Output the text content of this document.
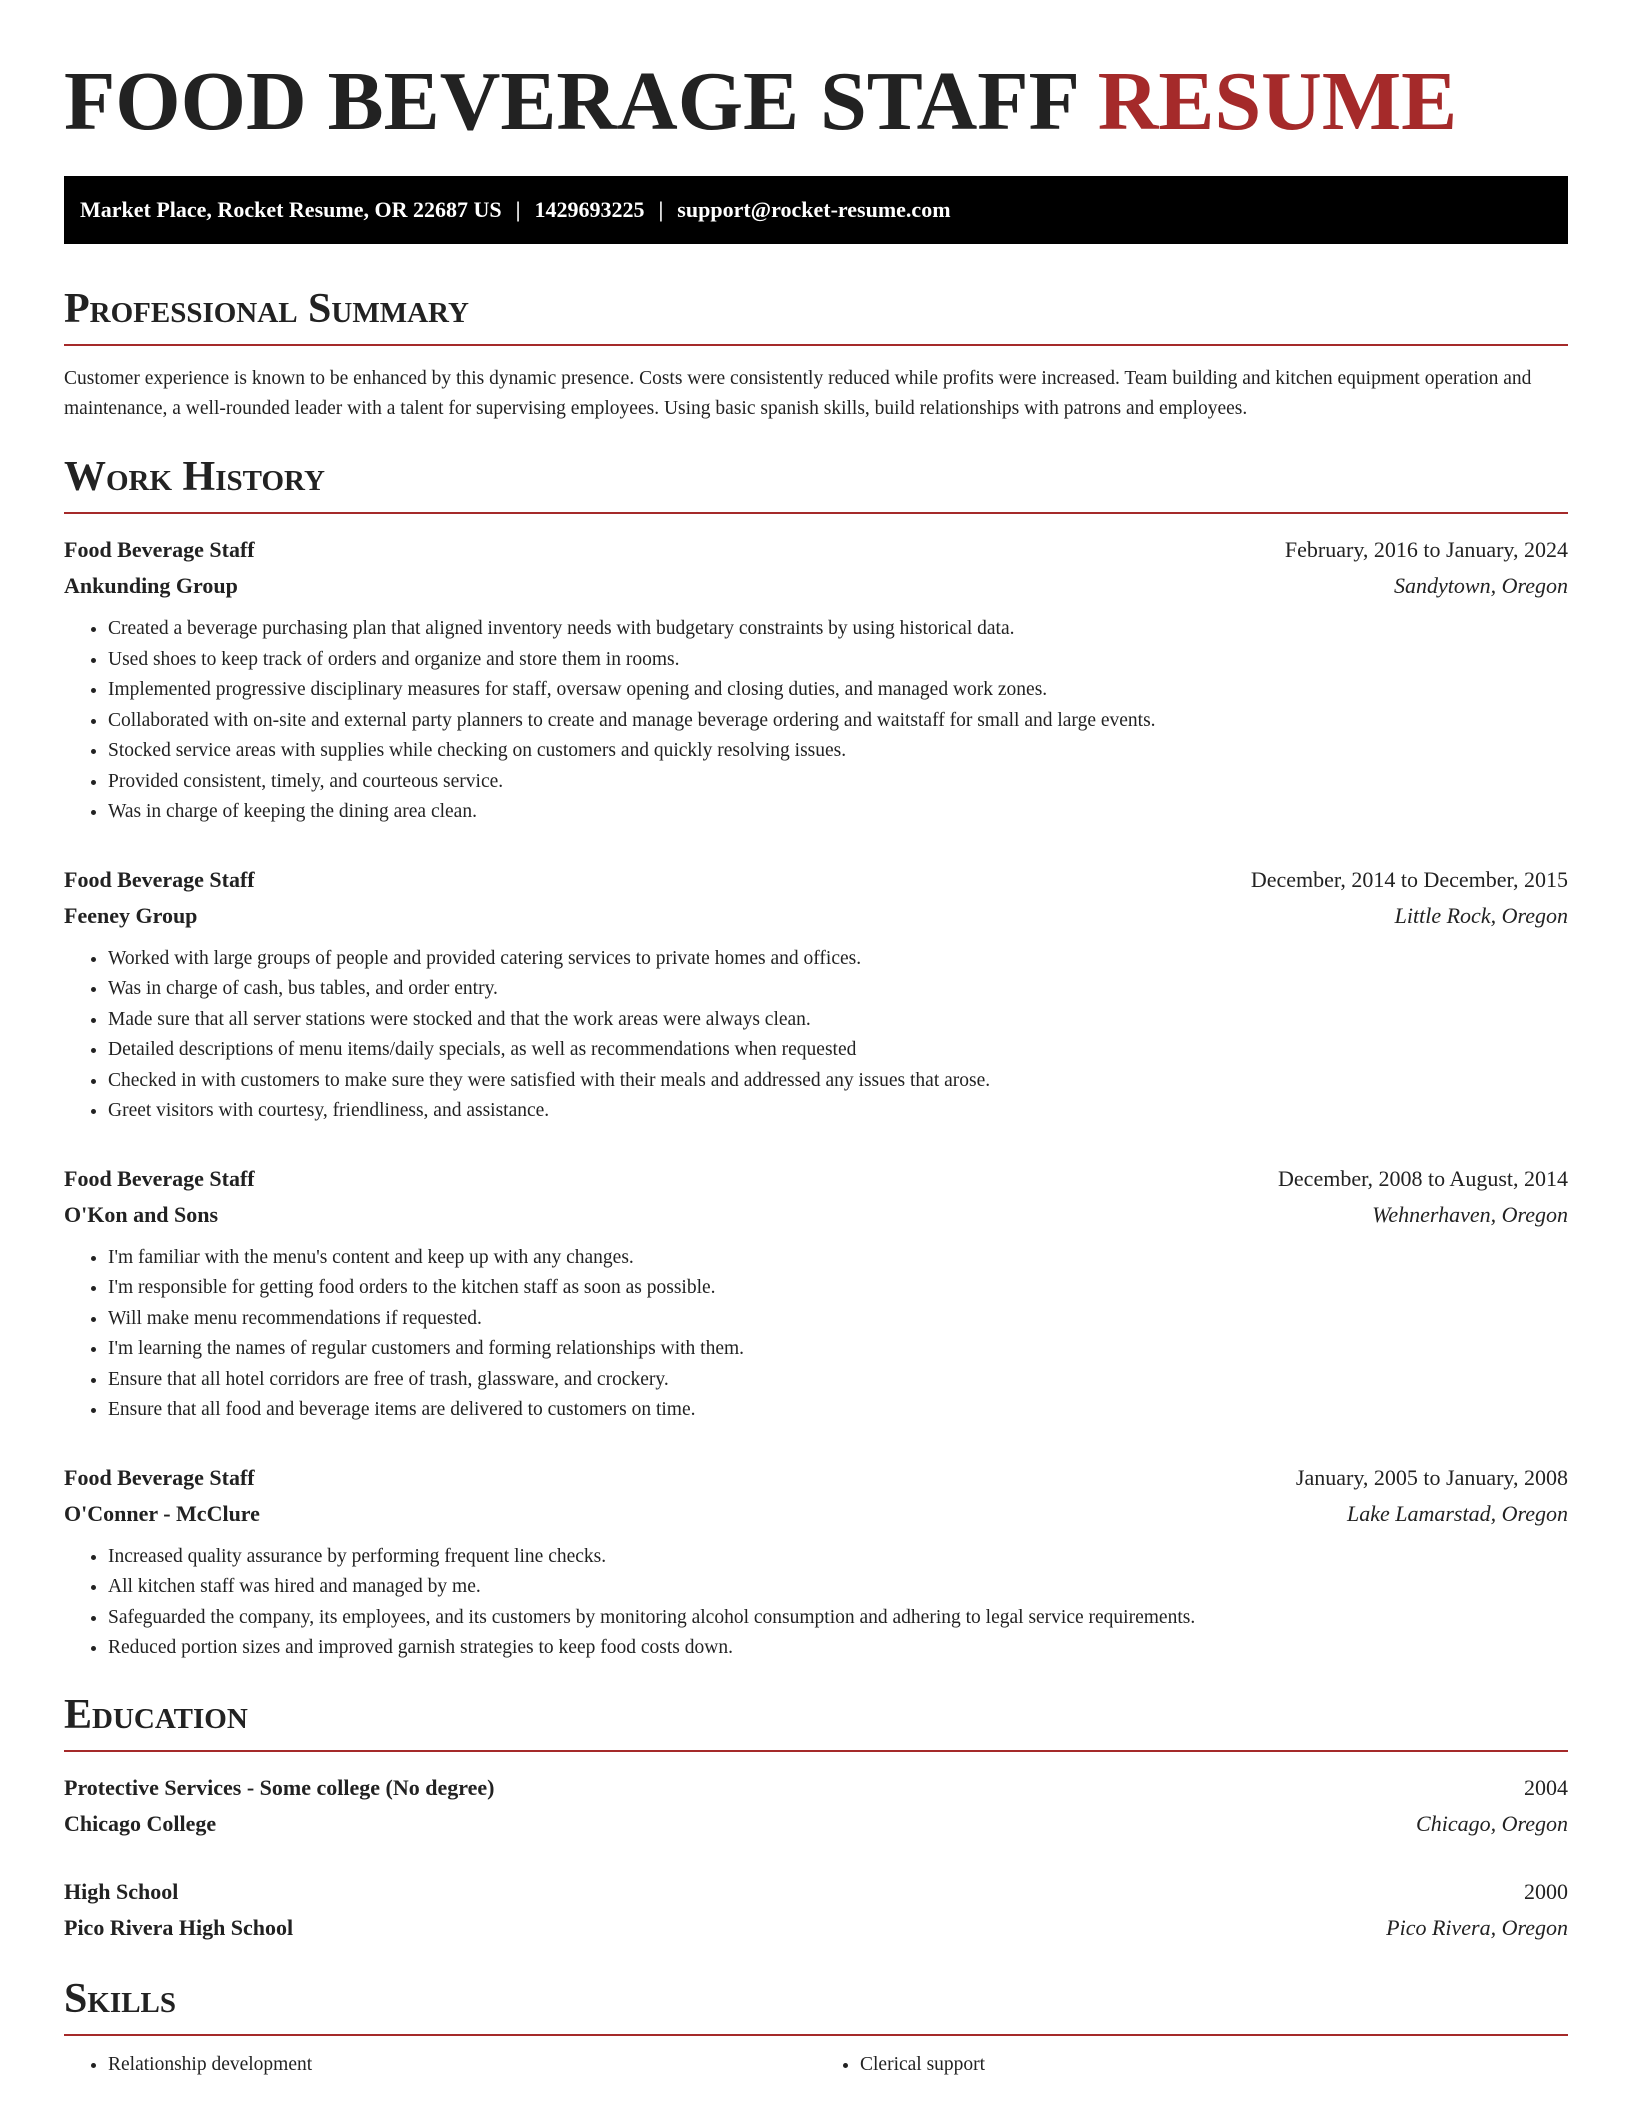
FOOD BEVERAGE STAFF RESUME
Market Place, Rocket Resume, OR 22687 US | 1429693225 | support@rocket-resume.com
Professional Summary

Customer experience is known to be enhanced by this dynamic presence. Costs were consistently reduced while profits were increased. Team building and kitchen equipment operation and maintenance, a well-rounded leader with a talent for supervising employees. Using basic spanish skills, build relationships with patrons and employees.

Work History
Food Beverage Staff	February, 2016 to January, 2024
Ankunding Group	Sandytown, Oregon
• Created a beverage purchasing plan that aligned inventory needs with budgetary constraints by using historical data.
• Used shoes to keep track of orders and organize and store them in rooms.
• Implemented progressive disciplinary measures for staff, oversaw opening and closing duties, and managed work zones.
• Collaborated with on-site and external party planners to create and manage beverage ordering and waitstaff for small and large events.
• Stocked service areas with supplies while checking on customers and quickly resolving issues.
• Provided consistent, timely, and courteous service.
• Was in charge of keeping the dining area clean.
Food Beverage Staff	December, 2014 to December, 2015
Feeney Group	Little Rock, Oregon
• Worked with large groups of people and provided catering services to private homes and offices.
• Was in charge of cash, bus tables, and order entry.
• Made sure that all server stations were stocked and that the work areas were always clean.
• Detailed descriptions of menu items/daily specials, as well as recommendations when requested
• Checked in with customers to make sure they were satisfied with their meals and addressed any issues that arose.
• Greet visitors with courtesy, friendliness, and assistance.
Food Beverage Staff	December, 2008 to August, 2014
O'Kon and Sons	Wehnerhaven, Oregon
• I'm familiar with the menu's content and keep up with any changes.
• I'm responsible for getting food orders to the kitchen staff as soon as possible.
• Will make menu recommendations if requested.
• I'm learning the names of regular customers and forming relationships with them.
• Ensure that all hotel corridors are free of trash, glassware, and crockery.
• Ensure that all food and beverage items are delivered to customers on time.
Food Beverage Staff	January, 2005 to January, 2008
O'Conner - McClure	Lake Lamarstad, Oregon
• Increased quality assurance by performing frequent line checks.
• All kitchen staff was hired and managed by me.
• Safeguarded the company, its employees, and its customers by monitoring alcohol consumption and adhering to legal service requirements.
• Reduced portion sizes and improved garnish strategies to keep food costs down.
Education
Protective Services - Some college (No degree)	2004
Chicago College	Chicago, Oregon
High School	2000
Pico Rivera High School	Pico Rivera, Oregon
Skills
• Relationship development
•	Clerical support
